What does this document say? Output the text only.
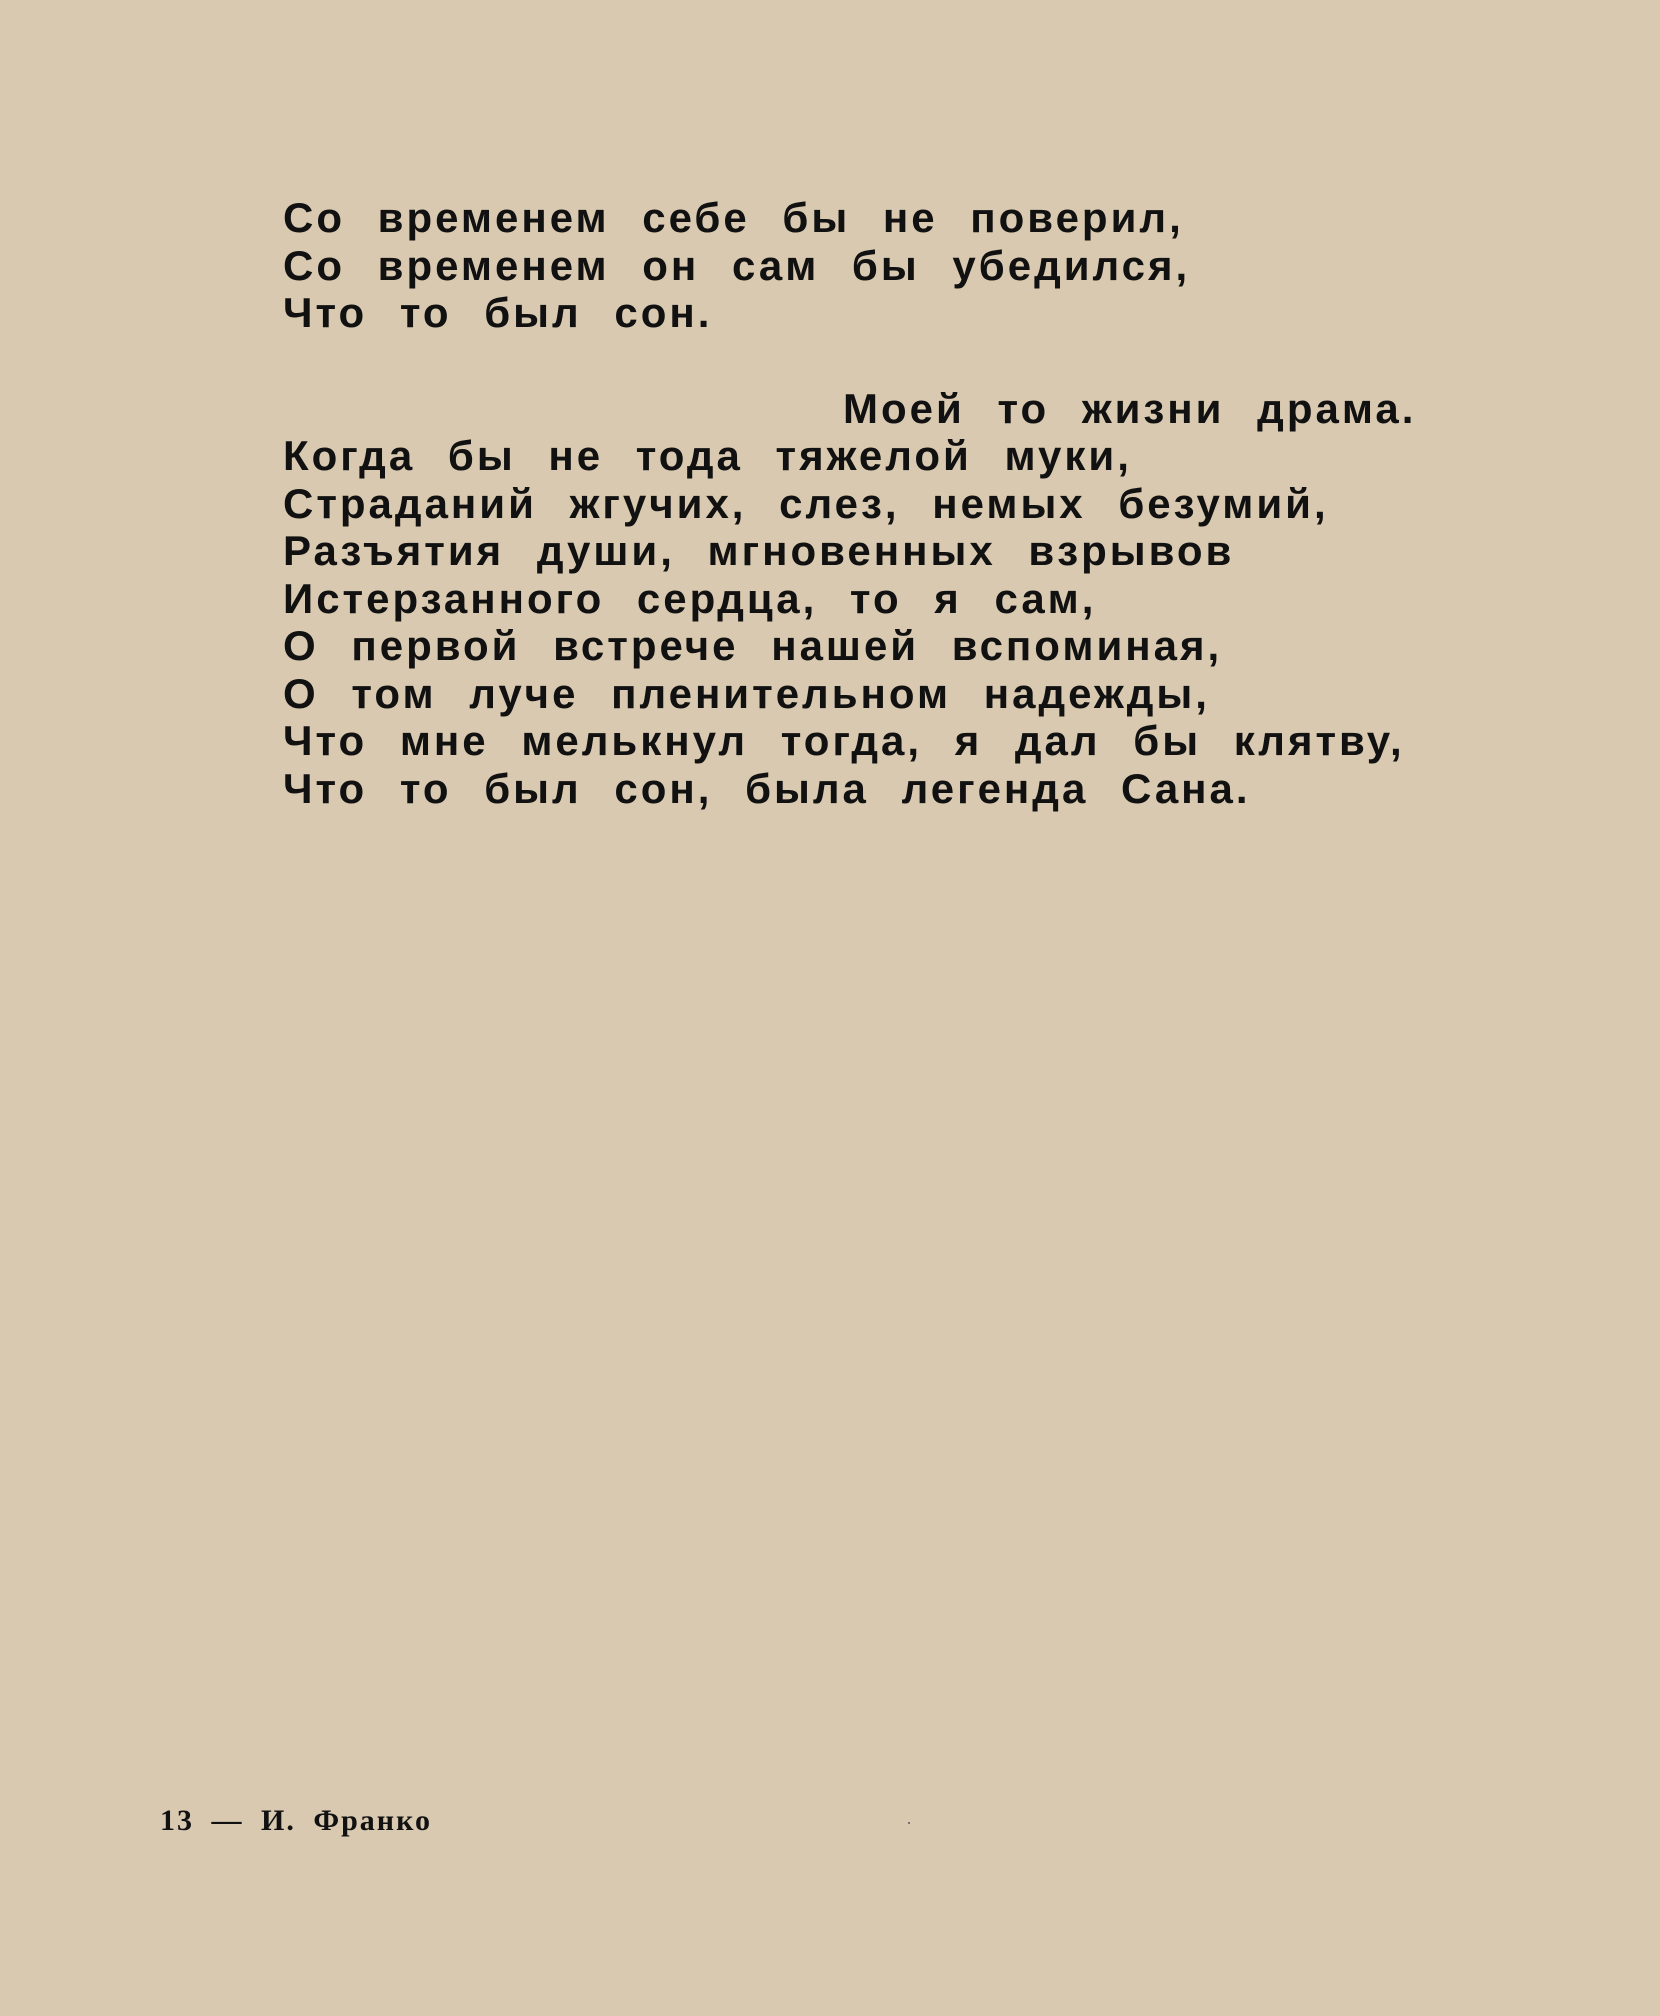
Со временем себе бы не поверил,
Со временем он сам бы убедился,
Что то был сон.
Моей то жизни драма.
Когда бы не тода тяжелой муки,
Страданий жгучих, слез, немых безумий,
Разъятия души, мгновенных взрывов
Истерзанного сердца, то я сам,
О первой встрече нашей вспоминая,
О том луче пленительном надежды,
Что мне мелькнул тогда, я дал бы клятву,
Что то был сон, была легенда Сана.
13 — И. Франко
